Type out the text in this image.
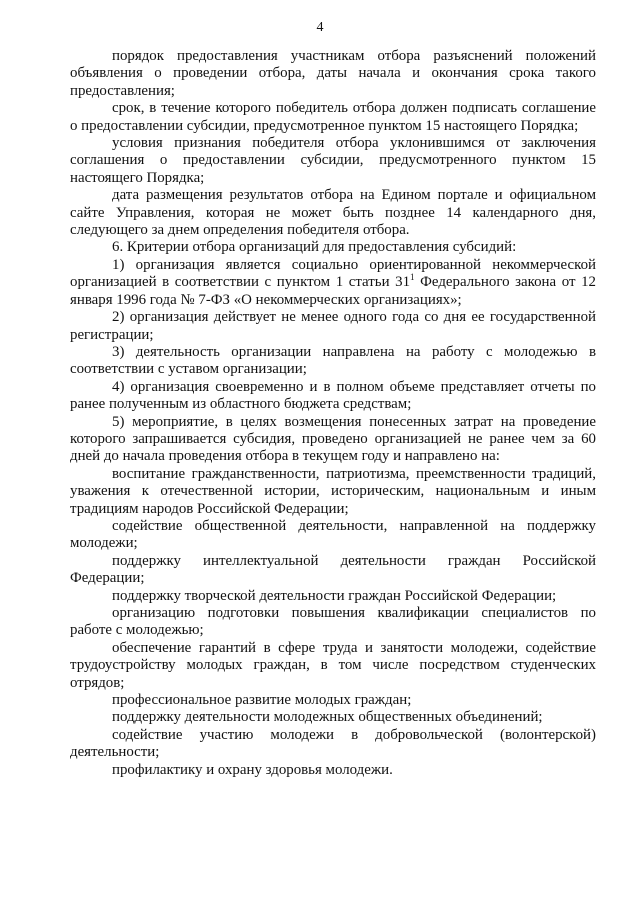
4

порядок предоставления участникам отбора разъяснений положений объявления о проведении отбора, даты начала и окончания срока такого предоставления;

срок, в течение которого победитель отбора должен подписать соглашение о предоставлении субсидии, предусмотренное пунктом 15 настоящего Порядка;

условия признания победителя отбора уклонившимся от заключения соглашения о предоставлении субсидии, предусмотренного пунктом 15 настоящего Порядка;

дата размещения результатов отбора на Едином портале и официальном сайте Управления, которая не может быть позднее 14 календарного дня, следующего за днем определения победителя отбора.

6. Критерии отбора организаций для предоставления субсидий:

1) организация является социально ориентированной некоммерческой организацией в соответствии с пунктом 1 статьи $31^1$ Федерального закона от 12 января 1996 года № 7-ФЗ «О некоммерческих организациях»;

2) организация действует не менее одного года со дня ее государственной регистрации;

3) деятельность организации направлена на работу с молодежью в соответствии с уставом организации;

4) организация своевременно и в полном объеме представляет отчеты по ранее полученным из областного бюджета средствам;

5) мероприятие, в целях возмещения понесенных затрат на проведение которого запрашивается субсидия, проведено организацией не ранее чем за 60 дней до начала проведения отбора в текущем году и направлено на:

воспитание гражданственности, патриотизма, преемственности традиций, уважения к отечественной истории, историческим, национальным и иным традициям народов Российской Федерации;

содействие общественной деятельности, направленной на поддержку молодежи;

поддержку интеллектуальной деятельности граждан Российской Федерации;

поддержку творческой деятельности граждан Российской Федерации;

организацию подготовки повышения квалификации специалистов по работе с молодежью;

обеспечение гарантий в сфере труда и занятости молодежи, содействие трудоустройству молодых граждан, в том числе посредством студенческих отрядов;

профессиональное развитие молодых граждан;

поддержку деятельности молодежных общественных объединений;

содействие участию молодежи в добровольческой (волонтерской) деятельности;

профилактику и охрану здоровья молодежи.
